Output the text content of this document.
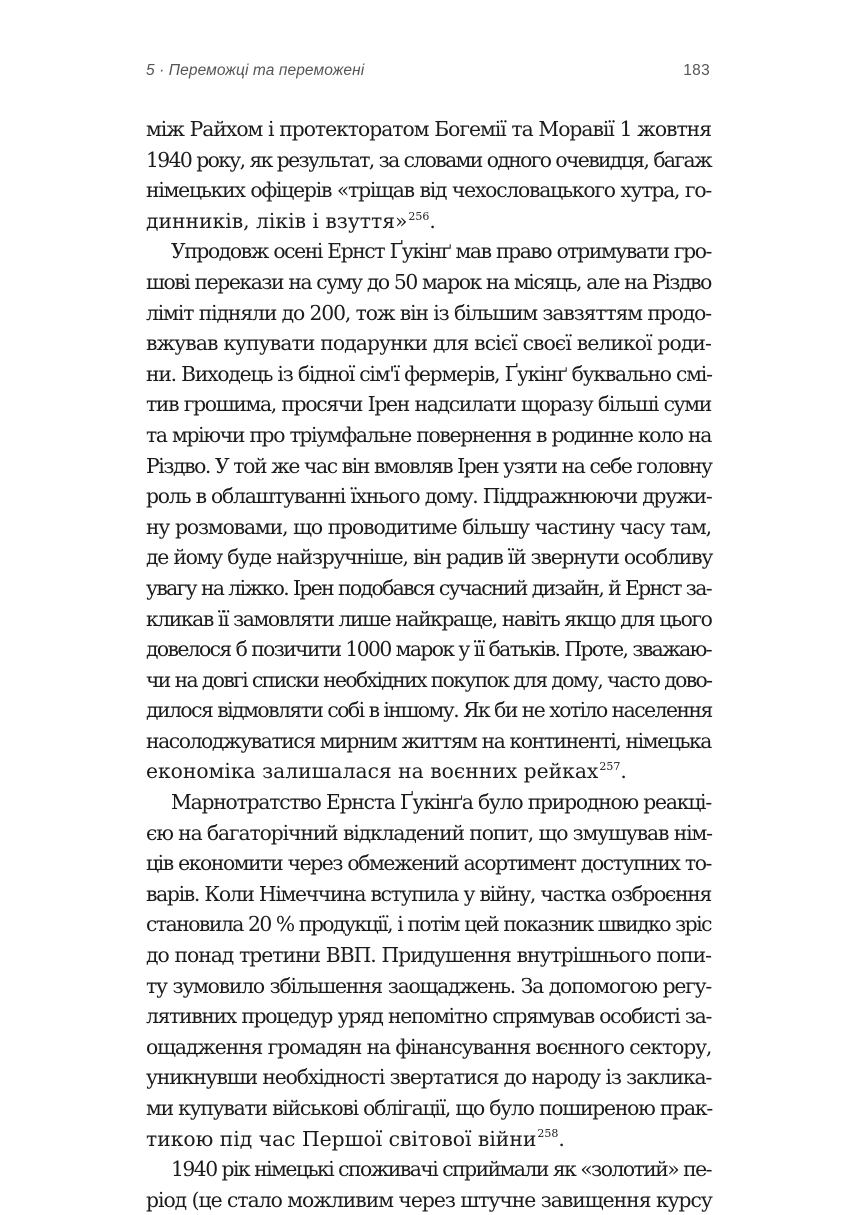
5 · Переможці та переможені	183
між Райхом і протекторатом Богемії та Моравії 1 жовтня
1940 року, як результат, за словами одного очевидця, багаж
німецьких офіцерів «тріщав від чехословацького хутра, го-
динників, ліків і взуття»$^{256}$.
Упродовж осені Ернст Ґукінґ мав право отримувати гро-
шові перекази на суму до 50 марок на місяць, але на Різдво
ліміт підняли до 200, тож він із більшим завзяттям продо-
вжував купувати подарунки для всієї своєї великої роди-
ни. Виходець із бідної сім'ї фермерів, Ґукінґ буквально смі-
тив грошима, просячи Ірен надсилати щоразу більші суми
та мріючи про тріумфальне повернення в родинне коло на
Різдво. У той же час він вмовляв Ірен узяти на себе головну
роль в облаштуванні їхнього дому. Піддражнюючи дружи-
ну розмовами, що проводитиме більшу частину часу там,
де йому буде найзручніше, він радив їй звернути особливу
увагу на ліжко. Ірен подобався сучасний дизайн, й Ернст за-
кликав її замовляти лише найкраще, навіть якщо для цього
довелося б позичити 1000 марок у її батьків. Проте, зважаю-
чи на довгі списки необхідних покупок для дому, часто дово-
дилося відмовляти собі в іншому. Як би не хотіло населення
насолоджуватися мирним життям на континенті, німецька
економіка залишалася на воєнних рейках$^{257}$.
Марнотратство Ернста Ґукінґа було природною реакці-
єю на багаторічний відкладений попит, що змушував нім-
ців економити через обмежений асортимент доступних то-
варів. Коли Німеччина вступила у війну, частка озброєння
становила 20 % продукції, і потім цей показник швидко зріс
до понад третини ВВП. Придушення внутрішнього попи-
ту зумовило збільшення заощаджень. За допомогою регу-
лятивних процедур уряд непомітно спрямував особисті за-
ощадження громадян на фінансування воєнного сектору,
уникнувши необхідності звертатися до народу із заклика-
ми купувати військові облігації, що було поширеною прак-
тикою під час Першої світової війни$^{258}$.
1940 рік німецькі споживачі сприймали як «золотий» пе-
ріод (це стало можливим через штучне завищення курсу
